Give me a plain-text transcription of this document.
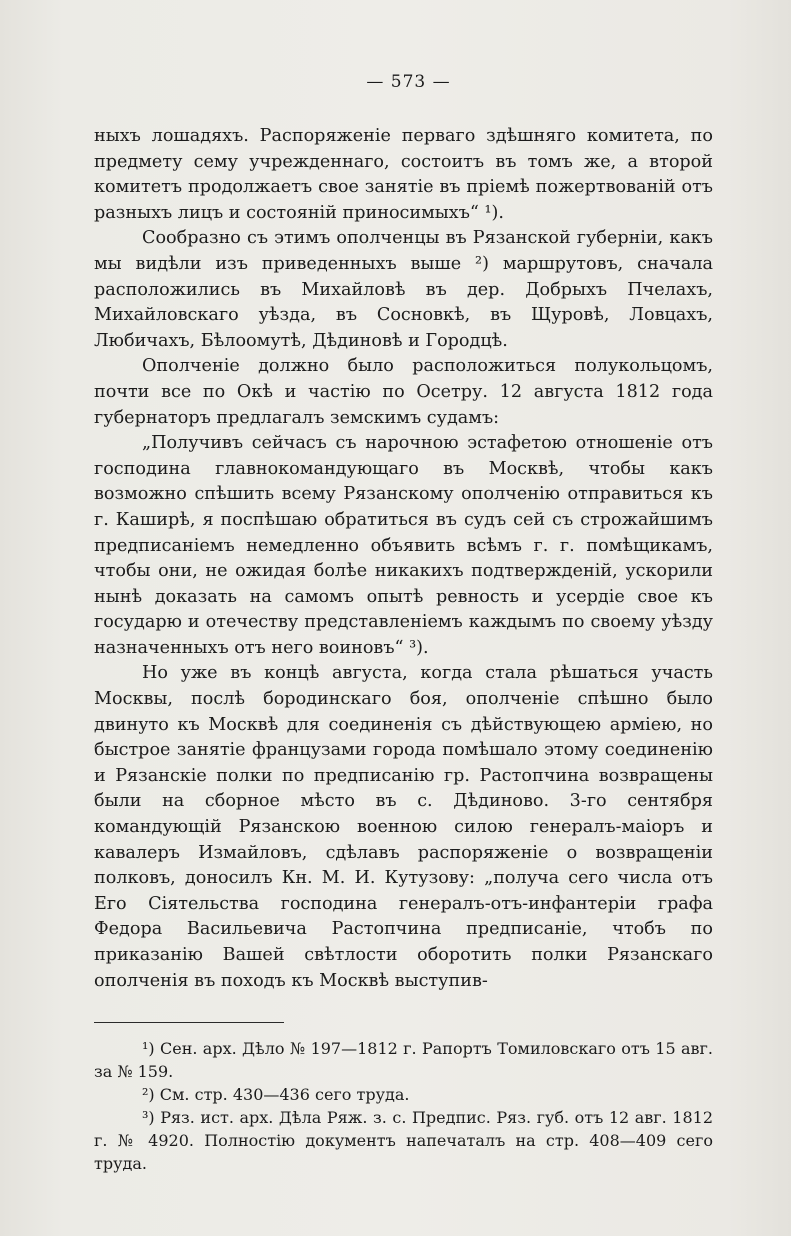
— 573 —

ныхъ лошадяхъ. Распоряженіе перваго здѣшняго комитета, по предмету сему учрежденнаго, состоитъ въ томъ же, а второй комитетъ продолжаетъ свое занятіе въ пріемѣ пожертвованій отъ разныхъ лицъ и состояній приносимыхъ“ ¹).

Сообразно съ этимъ ополченцы въ Рязанской губерніи, какъ мы видѣли изъ приведенныхъ выше ²) маршрутовъ, сначала расположились въ Михайловѣ въ дер. Добрыхъ Пчелахъ, Михайловскаго уѣзда, въ Сосновкѣ, въ Щуровѣ, Ловцахъ, Любичахъ, Бѣлоомутѣ, Дѣдиновѣ и Городцѣ.

Ополченіе должно было расположиться полукольцомъ, почти все по Окѣ и частію по Осетру. 12 августа 1812 года губернаторъ предлагалъ земскимъ судамъ:

„Получивъ сейчасъ съ нарочною эстафетою отношеніе отъ господина главнокомандующаго въ Москвѣ, чтобы какъ возможно спѣшить всему Рязанскому ополченію отправиться къ г. Каширѣ, я поспѣшаю обратиться въ судъ сей съ строжайшимъ предписаніемъ немедленно объявить всѣмъ г. г. помѣщикамъ, чтобы они, не ожидая болѣе никакихъ подтвержденій, ускорили нынѣ доказать на самомъ опытѣ ревность и усердіе свое къ государю и отечеству представленіемъ каждымъ по своему уѣзду назначенныхъ отъ него воиновъ“ ³).

Но уже въ концѣ августа, когда стала рѣшаться участь Москвы, послѣ бородинскаго боя, ополченіе спѣшно было двинуто къ Москвѣ для соединенія съ дѣйствующею арміею, но быстрое занятіе французами города помѣшало этому соединенію и Рязанскіе полки по предписанію гр. Растопчина возвращены были на сборное мѣсто въ с. Дѣдиново. 3-го сентября командующій Рязанскою военною силою генералъ-маіоръ и кавалеръ Измайловъ, сдѣлавъ распоряженіе о возвращеніи полковъ, доносилъ Кн. М. И. Кутузову: „получа сего числа отъ Его Сіятельства господина генералъ-отъ-инфантеріи графа Федора Васильевича Растопчина предписаніе, чтобъ по приказанію Вашей свѣтлости оборотить полки Рязанскаго ополченія въ походъ къ Москвѣ выступив-

¹) Сен. арх. Дѣло № 197—1812 г. Рапортъ Томиловскаго отъ 15 авг. за № 159.

²) См. стр. 430—436 сего труда.

³) Ряз. ист. арх. Дѣла Ряж. з. с. Предпис. Ряз. губ. отъ 12 авг. 1812 г. № 4920. Полностію документъ напечаталъ на стр. 408—409 сего труда.
